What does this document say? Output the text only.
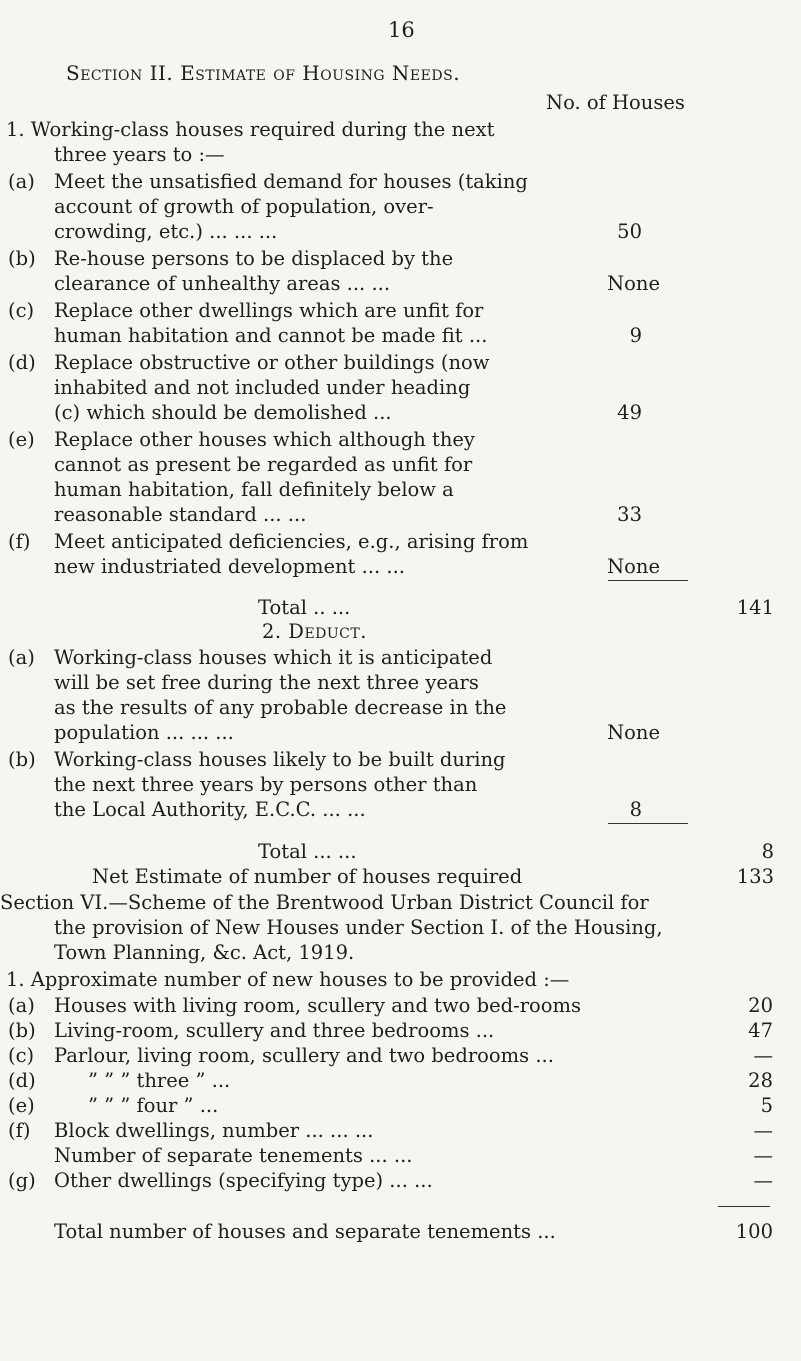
16
Section II. Estimate of Housing Needs.
No. of Houses
1. Working-class houses required during the next
three years to :—
(a) Meet the unsatisfied demand for houses (taking
account of growth of population, over-
crowding, etc.) ... ... ...	50
(b) Re-house persons to be displaced by the
clearance of unhealthy areas ... ...	None
(c) Replace other dwellings which are unfit for
human habitation and cannot be made fit ...	9
(d) Replace obstructive or other buildings (now
inhabited and not included under heading
(c) which should be demolished ...	49
(e) Replace other houses which although they
cannot as present be regarded as unfit for
human habitation, fall definitely below a
reasonable standard ... ...	33
(f) Meet anticipated deficiencies, e.g., arising from
new industriated development ... ...	None
Total .. ...	141
2. Deduct.
(a) Working-class houses which it is anticipated
will be set free during the next three years
as the results of any probable decrease in the
population ... ... ...	None
(b) Working-class houses likely to be built during
the next three years by persons other than
the Local Authority, E.C.C. ... ...	8
Total ... ...	8
Net Estimate of number of houses required	133
Section VI.—Scheme of the Brentwood Urban District Council for
the provision of New Houses under Section I. of the Housing,
Town Planning, &c. Act, 1919.
1. Approximate number of new houses to be provided :—
(a) Houses with living room, scullery and two bed-rooms	20
(b) Living-room, scullery and three bedrooms ...	47
(c) Parlour, living room, scullery and two bedrooms ...	—
(d)	” ” ” three ” ...	28
(e)	” ” ” four ” ...	5
(f) Block dwellings, number ... ... ...	—
Number of separate tenements ... ...	—
(g) Other dwellings (specifying type) ... ...	—
Total number of houses and separate tenements ...	100
